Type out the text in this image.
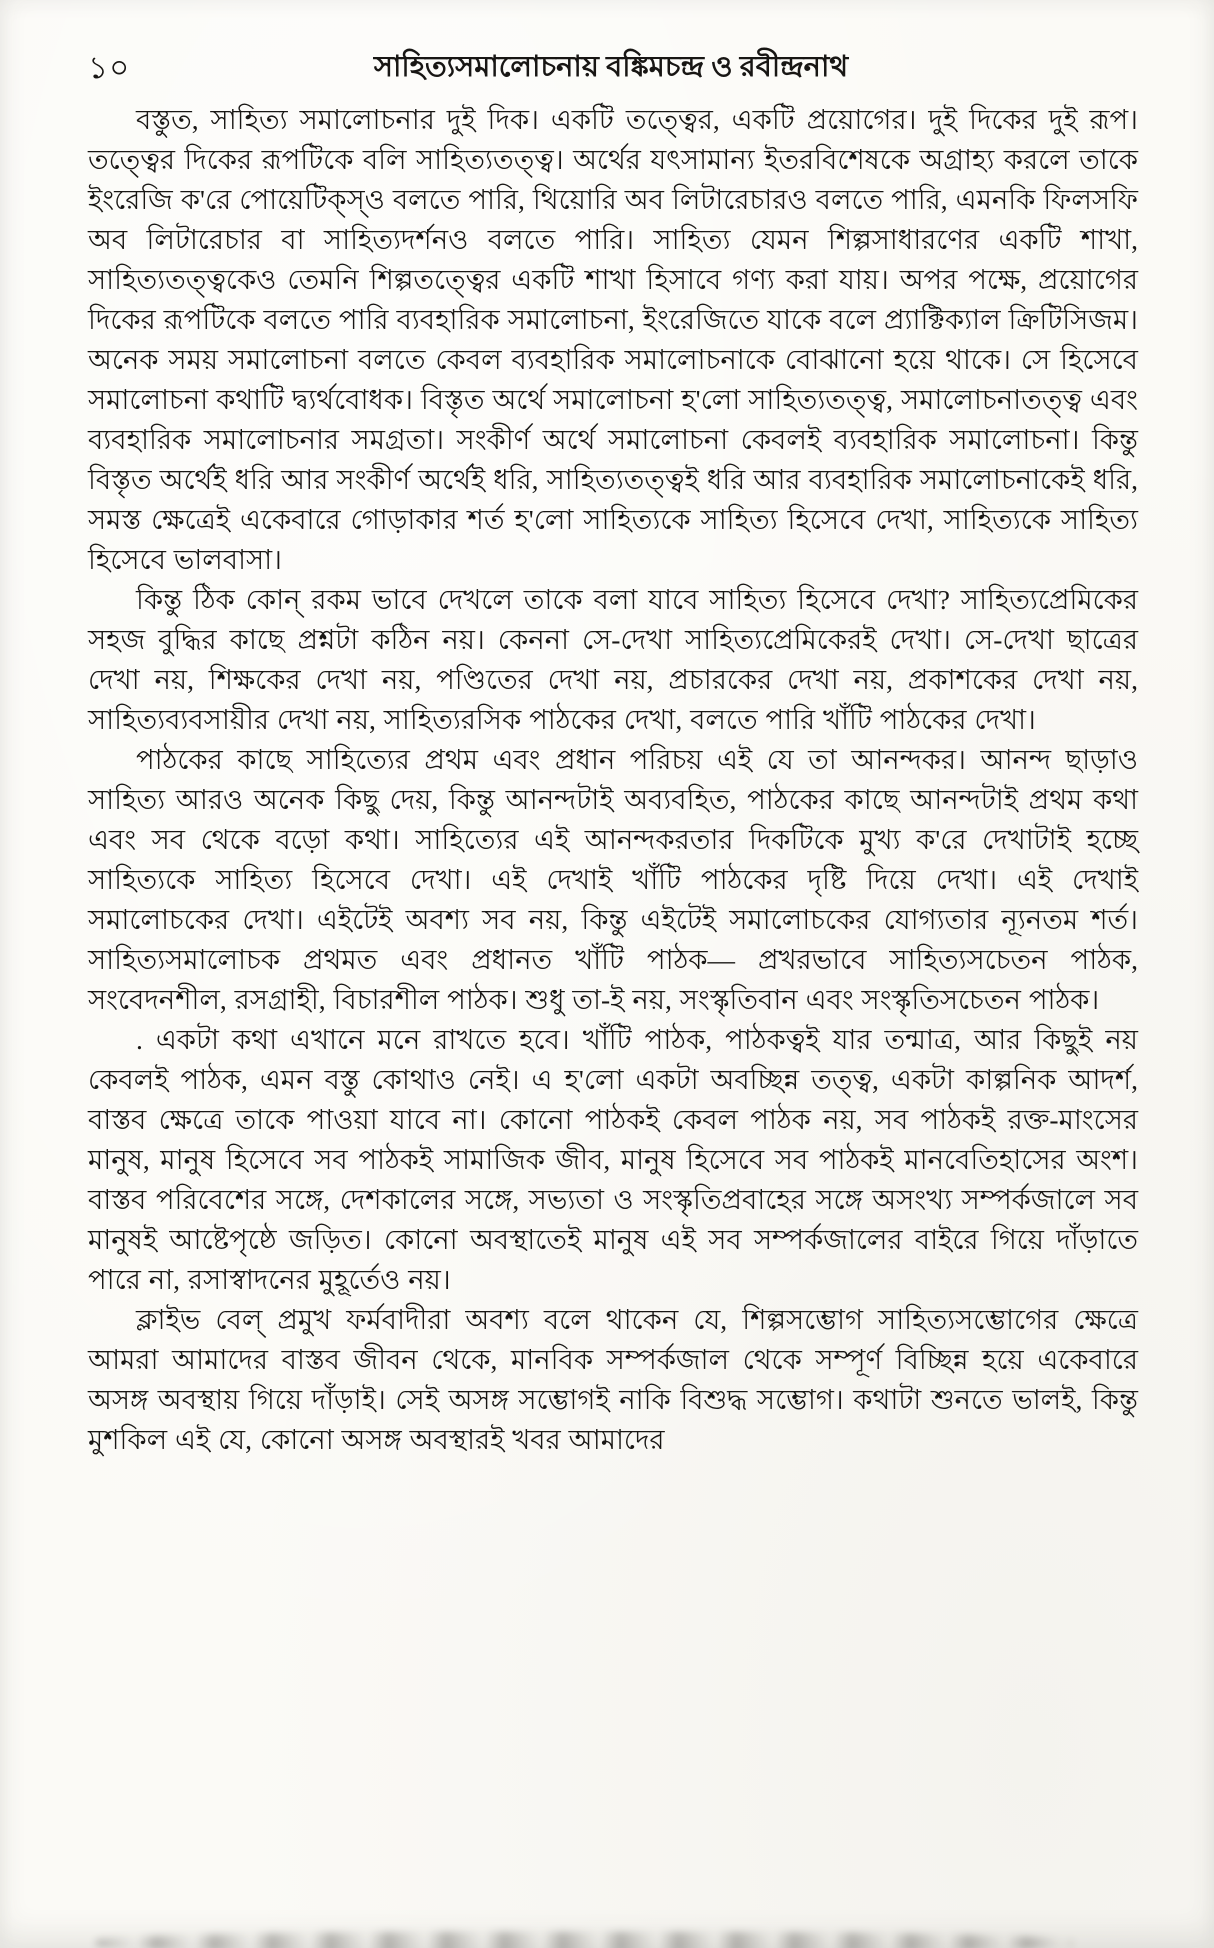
১০	সাহিত্যসমালোচনায় বঙ্কিমচন্দ্র ও রবীন্দ্রনাথ

বস্তুত, সাহিত্য সমালোচনার দুই দিক। একটি তত্ত্বের, একটি প্রয়োগের। দুই দিকের দুই রূপ। তত্ত্বের দিকের রূপটিকে বলি সাহিত্যতত্ত্ব। অর্থের যৎসামান্য ইতরবিশেষকে অগ্রাহ্য করলে তাকে ইংরেজি ক'রে পোয়েটিক্স্‌ও বলতে পারি, থিয়োরি অব লিটারেচারও বলতে পারি, এমনকি ফিলসফি অব লিটারেচার বা সাহিত্যদর্শনও বলতে পারি। সাহিত্য যেমন শিল্পসাধারণের একটি শাখা, সাহিত্যতত্ত্বকেও তেমনি শিল্পতত্ত্বের একটি শাখা হিসাবে গণ্য করা যায়। অপর পক্ষে, প্রয়োগের দিকের রূপটিকে বলতে পারি ব্যবহারিক সমালোচনা, ইংরেজিতে যাকে বলে প্র্যাক্টিক্যাল ক্রিটিসিজম। অনেক সময় সমালোচনা বলতে কেবল ব্যবহারিক সমালোচনাকে বোঝানো হয়ে থাকে। সে হিসেবে সমালোচনা কথাটি দ্ব্যর্থবোধক। বিস্তৃত অর্থে সমালোচনা হ'লো সাহিত্যতত্ত্ব, সমালোচনাতত্ত্ব এবং ব্যবহারিক সমালোচনার সমগ্রতা। সংকীর্ণ অর্থে সমালোচনা কেবলই ব্যবহারিক সমালোচনা। কিন্তু বিস্তৃত অর্থেই ধরি আর সংকীর্ণ অর্থেই ধরি, সাহিত্যতত্ত্বই ধরি আর ব্যবহারিক সমালোচনাকেই ধরি, সমস্ত ক্ষেত্রেই একেবারে গোড়াকার শর্ত হ'লো সাহিত্যকে সাহিত্য হিসেবে দেখা, সাহিত্যকে সাহিত্য হিসেবে ভালবাসা।

কিন্তু ঠিক কোন্‌ রকম ভাবে দেখলে তাকে বলা যাবে সাহিত্য হিসেবে দেখা? সাহিত্যপ্রেমিকের সহজ বুদ্ধির কাছে প্রশ্নটা কঠিন নয়। কেননা সে-দেখা সাহিত্যপ্রেমিকেরই দেখা। সে-দেখা ছাত্রের দেখা নয়, শিক্ষকের দেখা নয়, পণ্ডিতের দেখা নয়, প্রচারকের দেখা নয়, প্রকাশকের দেখা নয়, সাহিত্যব্যবসায়ীর দেখা নয়, সাহিত্যরসিক পাঠকের দেখা, বলতে পারি খাঁটি পাঠকের দেখা।

পাঠকের কাছে সাহিত্যের প্রথম এবং প্রধান পরিচয় এই যে তা আনন্দকর। আনন্দ ছাড়াও সাহিত্য আরও অনেক কিছু দেয়, কিন্তু আনন্দটাই অব্যবহিত, পাঠকের কাছে আনন্দটাই প্রথম কথা এবং সব থেকে বড়ো কথা। সাহিত্যের এই আনন্দকরতার দিকটিকে মুখ্য ক'রে দেখাটাই হচ্ছে সাহিত্যকে সাহিত্য হিসেবে দেখা। এই দেখাই খাঁটি পাঠকের দৃষ্টি দিয়ে দেখা। এই দেখাই সমালোচকের দেখা। এইটেই অবশ্য সব নয়, কিন্তু এইটেই সমালোচকের যোগ্যতার ন্যূনতম শর্ত। সাহিত্যসমালোচক প্রথমত এবং প্রধানত খাঁটি পাঠক— প্রখরভাবে সাহিত্যসচেতন পাঠক, সংবেদনশীল, রসগ্রাহী, বিচারশীল পাঠক। শুধু তা-ই নয়, সংস্কৃতিবান এবং সংস্কৃতিসচেতন পাঠক।

. একটা কথা এখানে মনে রাখতে হবে। খাঁটি পাঠক, পাঠকত্বই যার তন্মাত্র, আর কিছুই নয় কেবলই পাঠক, এমন বস্তু কোথাও নেই। এ হ'লো একটা অবচ্ছিন্ন তত্ত্ব, একটা কাল্পনিক আদর্শ, বাস্তব ক্ষেত্রে তাকে পাওয়া যাবে না। কোনো পাঠকই কেবল পাঠক নয়, সব পাঠকই রক্ত-মাংসের মানুষ, মানুষ হিসেবে সব পাঠকই সামাজিক জীব, মানুষ হিসেবে সব পাঠকই মানবেতিহাসের অংশ। বাস্তব পরিবেশের সঙ্গে, দেশকালের সঙ্গে, সভ্যতা ও সংস্কৃতিপ্রবাহের সঙ্গে অসংখ্য সম্পর্কজালে সব মানুষই আষ্টেপৃষ্ঠে জড়িত। কোনো অবস্থাতেই মানুষ এই সব সম্পর্কজালের বাইরে গিয়ে দাঁড়াতে পারে না, রসাস্বাদনের মুহূর্তেও নয়।

ক্লাইভ বেল্‌ প্রমুখ ফর্মবাদীরা অবশ্য বলে থাকেন যে, শিল্পসম্ভোগ সাহিত্যসম্ভোগের ক্ষেত্রে আমরা আমাদের বাস্তব জীবন থেকে, মানবিক সম্পর্কজাল থেকে সম্পূর্ণ বিচ্ছিন্ন হয়ে একেবারে অসঙ্গ অবস্থায় গিয়ে দাঁড়াই। সেই অসঙ্গ সম্ভোগই নাকি বিশুদ্ধ সম্ভোগ। কথাটা শুনতে ভালই, কিন্তু মুশকিল এই যে, কোনো অসঙ্গ অবস্থারই খবর আমাদের
